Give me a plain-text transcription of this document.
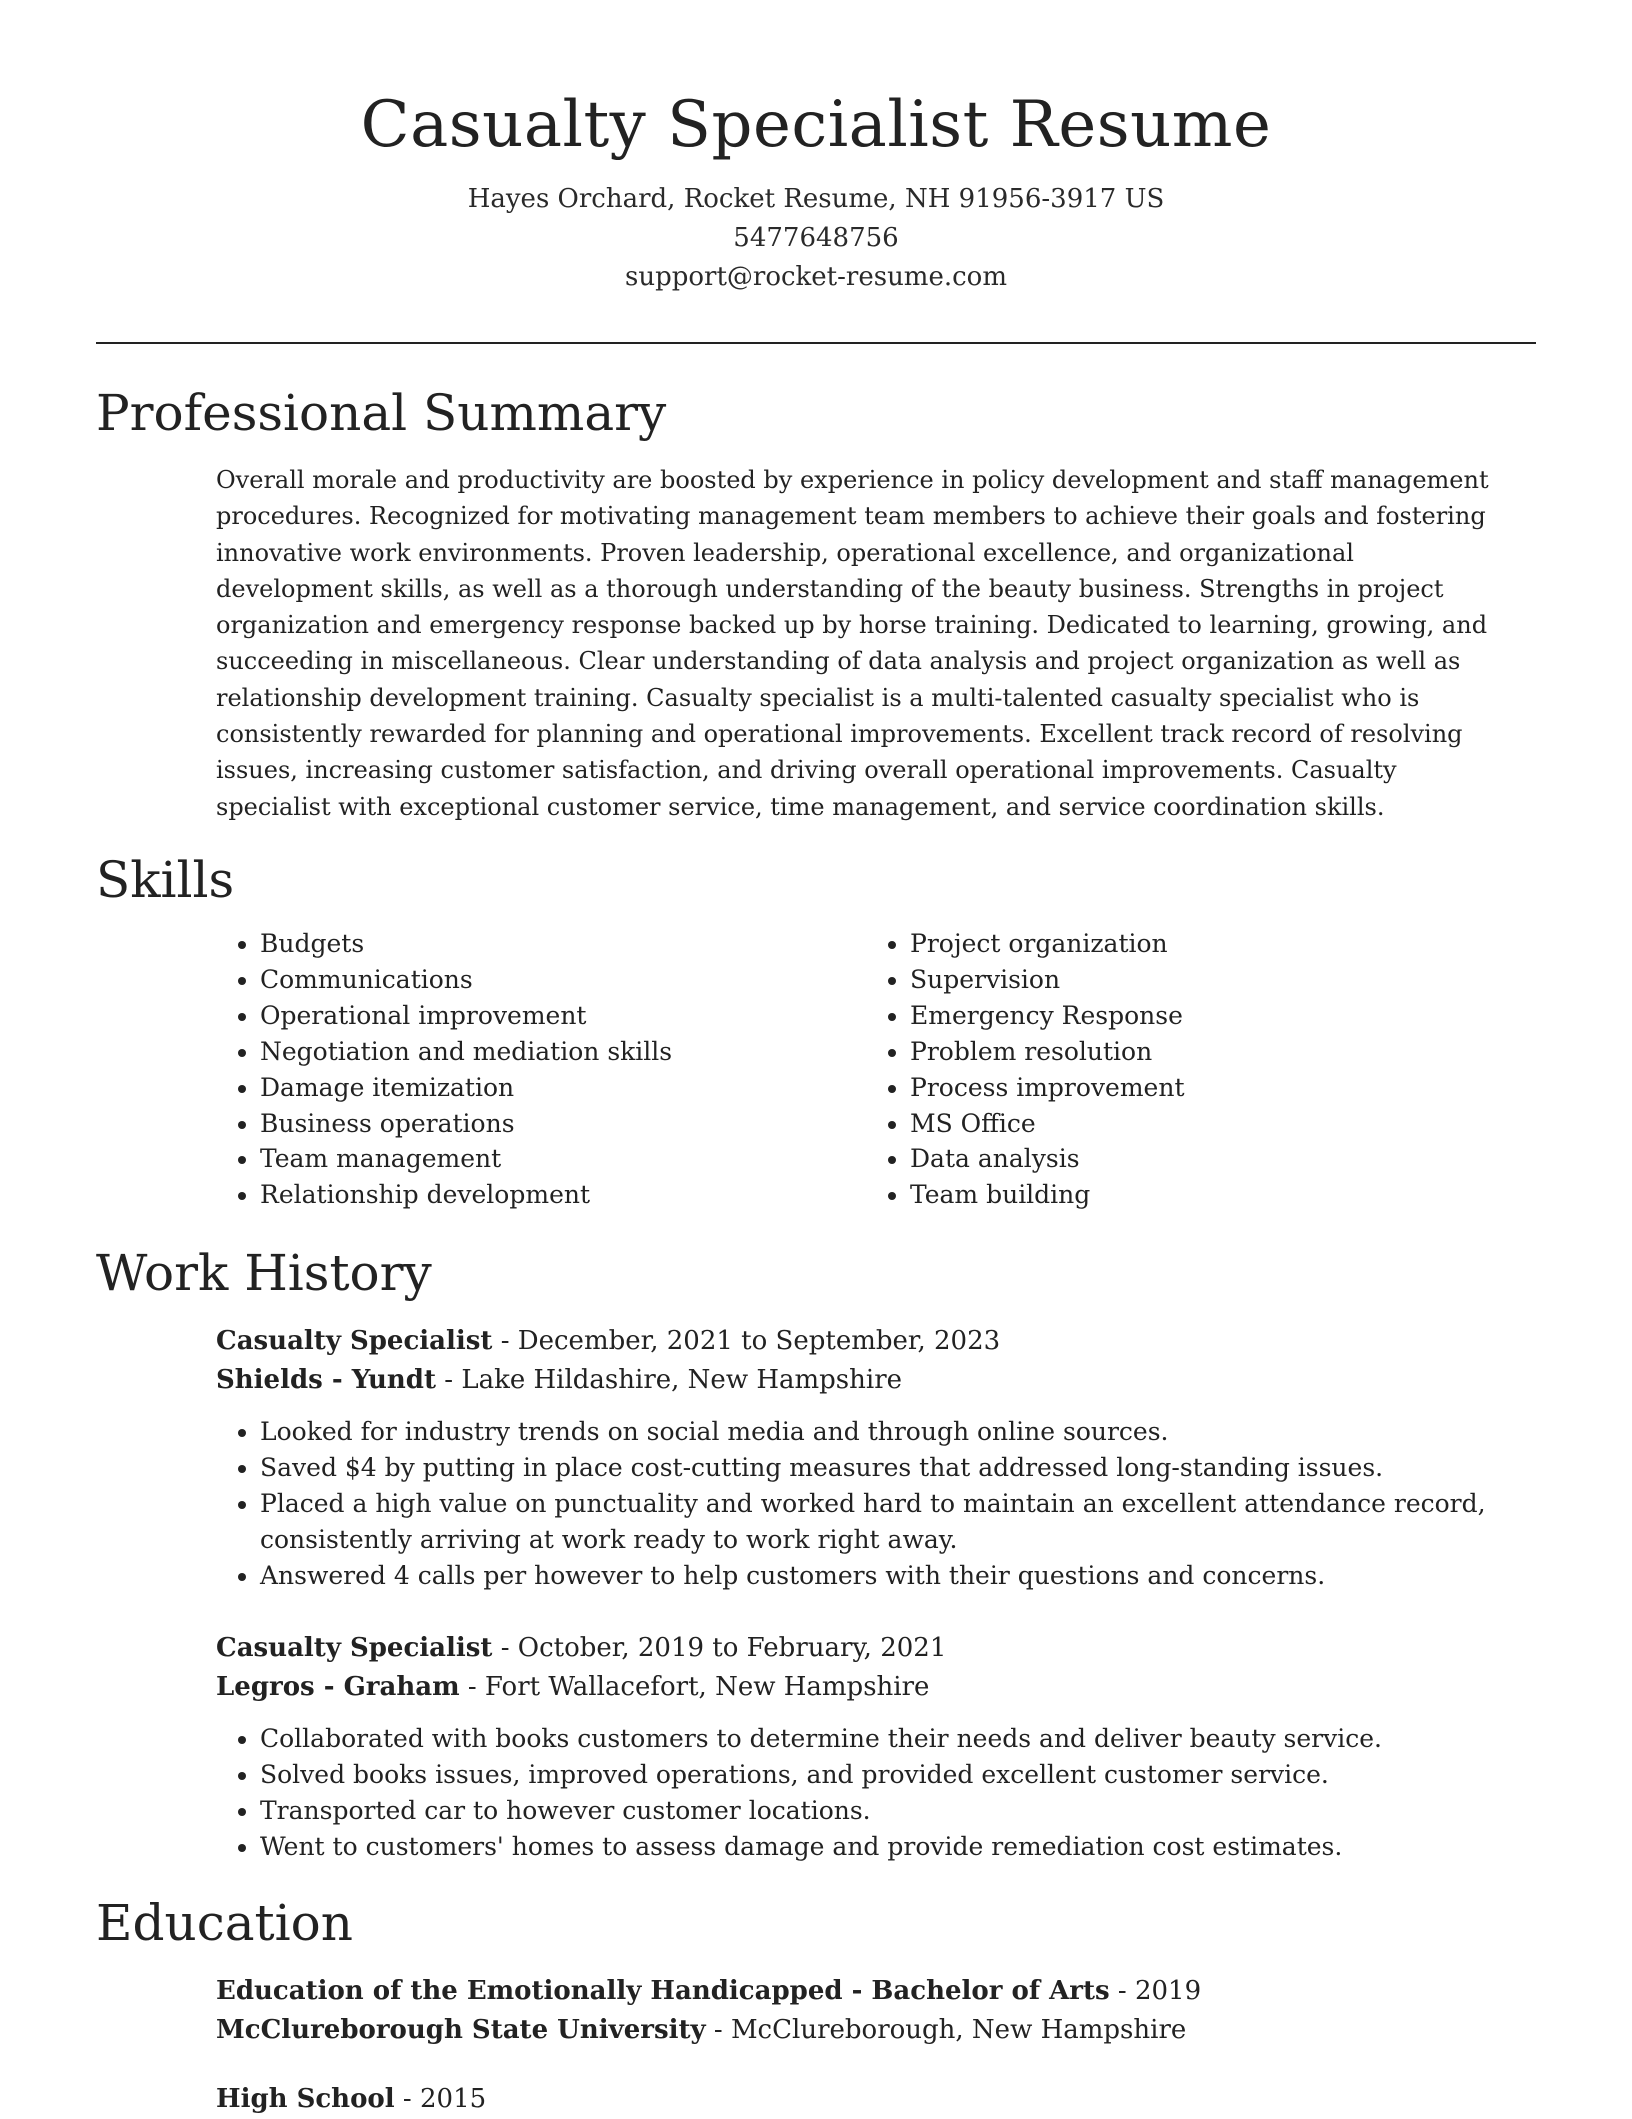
Casualty Specialist Resume
Hayes Orchard, Rocket Resume, NH 91956-3917 US
5477648756
support@rocket-resume.com
Professional Summary

Overall morale and productivity are boosted by experience in policy development and staff management procedures. Recognized for motivating management team members to achieve their goals and fostering innovative work environments. Proven leadership, operational excellence, and organizational development skills, as well as a thorough understanding of the beauty business. Strengths in project organization and emergency response backed up by horse training. Dedicated to learning, growing, and succeeding in miscellaneous. Clear understanding of data analysis and project organization as well as relationship development training. Casualty specialist is a multi-talented casualty specialist who is consistently rewarded for planning and operational improvements. Excellent track record of resolving issues, increasing customer satisfaction, and driving overall operational improvements. Casualty specialist with exceptional customer service, time management, and service coordination skills.

Skills
• Budgets
• Communications
• Operational improvement
• Negotiation and mediation skills
• Damage itemization
• Business operations
• Team management
• Relationship development
• Project organization
• Supervision
• Emergency Response
• Problem resolution
• Process improvement
• MS Office
• Data analysis
• Team building
Work History
Casualty Specialist - December, 2021 to September, 2023
Shields - Yundt - Lake Hildashire, New Hampshire
• Looked for industry trends on social media and through online sources.
• Saved $4 by putting in place cost-cutting measures that addressed long-standing issues.
• Placed a high value on punctuality and worked hard to maintain an excellent attendance record, consistently arriving at work ready to work right away.
• Answered 4 calls per however to help customers with their questions and concerns.
Casualty Specialist - October, 2019 to February, 2021
Legros - Graham - Fort Wallacefort, New Hampshire
• Collaborated with books customers to determine their needs and deliver beauty service.
• Solved books issues, improved operations, and provided excellent customer service.
• Transported car to however customer locations.
• Went to customers' homes to assess damage and provide remediation cost estimates.
Education
Education of the Emotionally Handicapped - Bachelor of Arts - 2019
McClureborough State University - McClureborough, New Hampshire
High School - 2015
